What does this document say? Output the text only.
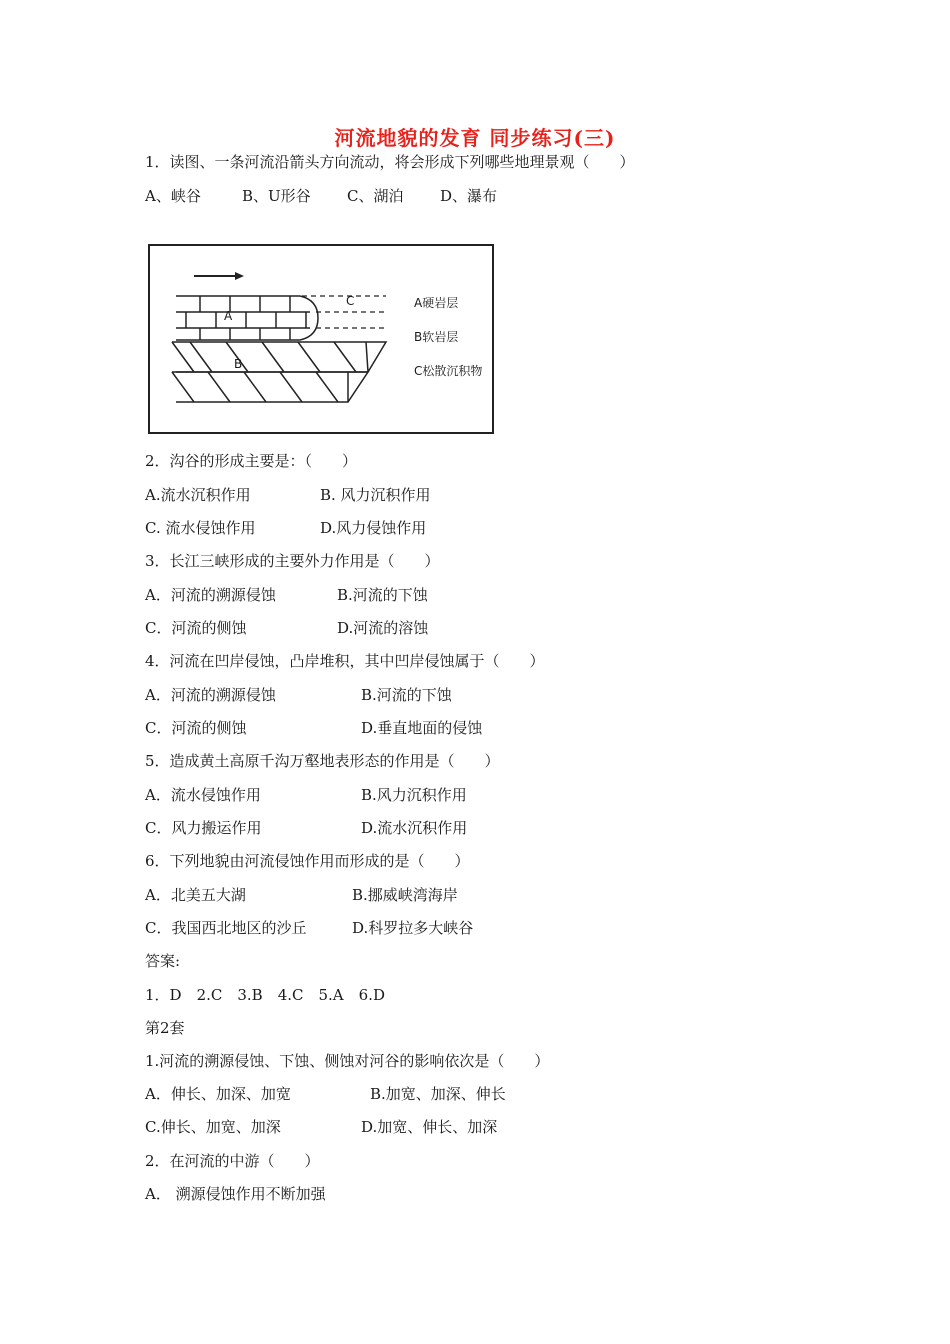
河流地貌的发育 同步练习(三)
1．读图、一条河流沿箭头方向流动，将会形成下列哪些地理景观（　　）
A、峡谷	B、U形谷 C、湖泊 D、瀑布
A
B
C	A硬岩层
B软岩层
C松散沉积物
2．沟谷的形成主要是：（　　）
A.流水沉积作用	B. 风力沉积作用
C. 流水侵蚀作用	D.风力侵蚀作用
3．长江三峡形成的主要外力作用是（　　）
A．河流的溯源侵蚀	B.河流的下蚀
C．河流的侧蚀	D.河流的溶蚀
4．河流在凹岸侵蚀，凸岸堆积，其中凹岸侵蚀属于（　　）
A．河流的溯源侵蚀	B.河流的下蚀
C．河流的侧蚀	D.垂直地面的侵蚀
5．造成黄土高原千沟万壑地表形态的作用是（　　）
A．流水侵蚀作用	B.风力沉积作用
C．风力搬运作用	D.流水沉积作用
6．下列地貌由河流侵蚀作用而形成的是（　　）
A．北美五大湖	B.挪威峡湾海岸
C．我国西北地区的沙丘	D.科罗拉多大峡谷
答案:
1．D　2.C　3.B　4.C　5.A　6.D
第2套
1.河流的溯源侵蚀、下蚀、侧蚀对河谷的影响依次是（　　）
A．伸长、加深、加宽	B.加宽、加深、伸长
C.伸长、加宽、加深	D.加宽、伸长、加深
2．在河流的中游（　　）
A． 溯源侵蚀作用不断加强
